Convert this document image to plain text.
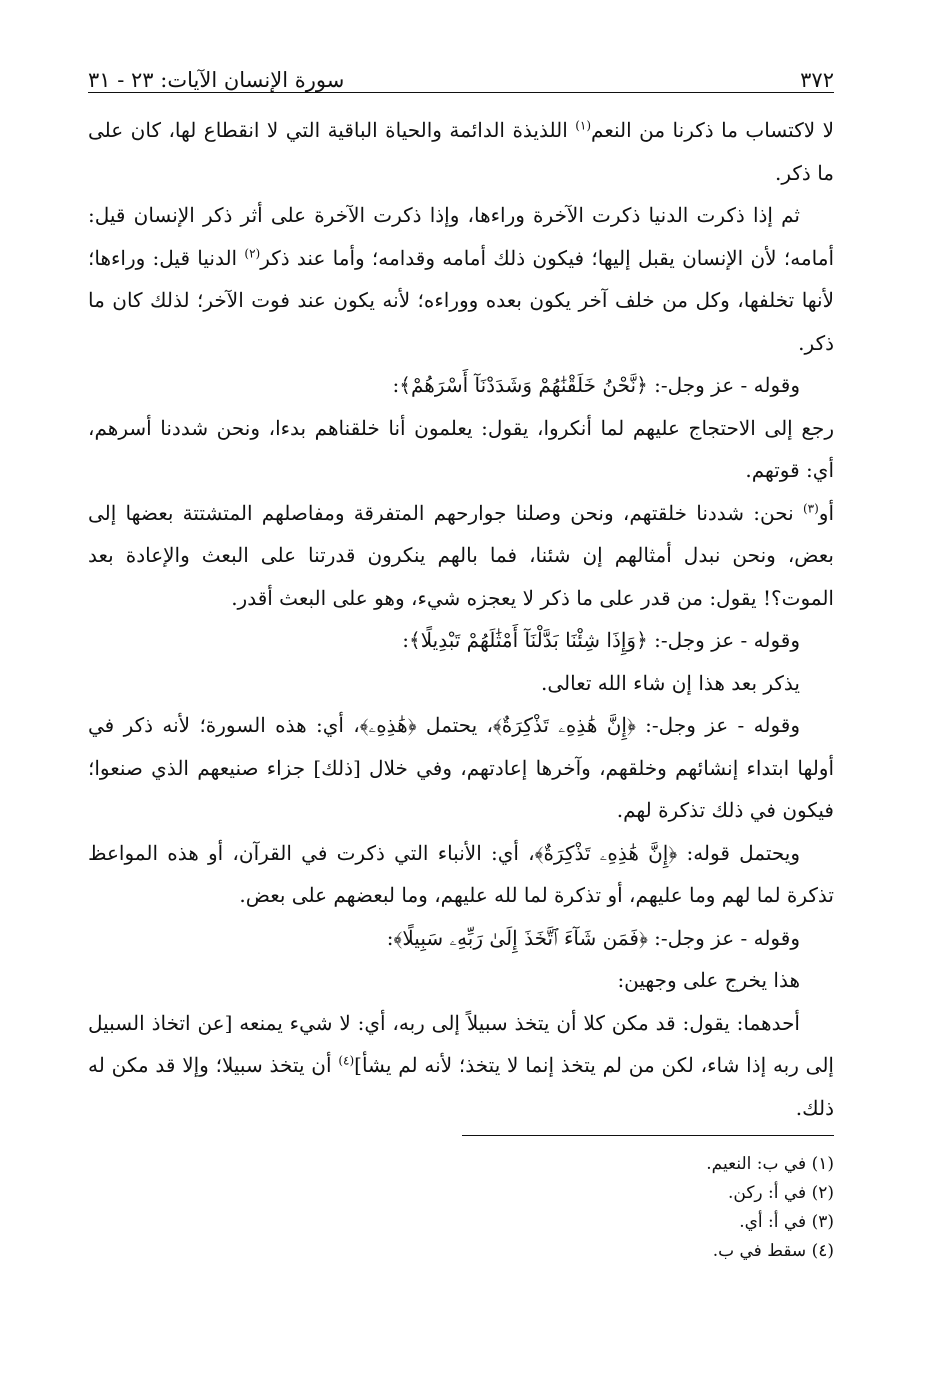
٣٧٢
سورة الإنسان الآيات: ٢٣ - ٣١

لا لاكتساب ما ذكرنا من النعم$^{(١)}$ اللذيذة الدائمة والحياة الباقية التي لا انقطاع لها، كان على ما ذكر.

ثم إذا ذكرت الدنيا ذكرت الآخرة وراءها، وإذا ذكرت الآخرة على أثر ذكر الإنسان قيل: أمامه؛ لأن الإنسان يقبل إليها؛ فيكون ذلك أمامه وقدامه؛ وأما عند ذكر$^{(٢)}$ الدنيا قيل: وراءها؛ لأنها تخلفها، وكل من خلف آخر يكون بعده ووراءه؛ لأنه يكون عند فوت الآخر؛ لذلك كان ما ذكر.

وقوله - عز وجل-: ﴿نَّحْنُ خَلَقْنَٰهُمْ وَشَدَدْنَآ أَسْرَهُمْ﴾:

رجع إلى الاحتجاج عليهم لما أنكروا، يقول: يعلمون أنا خلقناهم بدءا، ونحن شددنا أسرهم، أي: قوتهم.

أو$^{(٣)}$ نحن: شددنا خلقتهم، ونحن وصلنا جوارحهم المتفرقة ومفاصلهم المتشتتة بعضها إلى بعض، ونحن نبدل أمثالهم إن شئنا، فما بالهم ينكرون قدرتنا على البعث والإعادة بعد الموت؟! يقول: من قدر على ما ذكر لا يعجزه شيء، وهو على البعث أقدر.

وقوله - عز وجل-: ﴿وَإِذَا شِئْنَا بَدَّلْنَآ أَمْثَٰلَهُمْ تَبْدِيلًا﴾:

يذكر بعد هذا إن شاء الله تعالى.

وقوله - عز وجل-: ﴿إِنَّ هَٰذِهِۦ تَذْكِرَةٌ﴾، يحتمل ﴿هَٰذِهِۦ﴾، أي: هذه السورة؛ لأنه ذكر في أولها ابتداء إنشائهم وخلقهم، وآخرها إعادتهم، وفي خلال [ذلك] جزاء صنيعهم الذي صنعوا؛ فيكون في ذلك تذكرة لهم.

ويحتمل قوله: ﴿إِنَّ هَٰذِهِۦ تَذْكِرَةٌ﴾، أي: الأنباء التي ذكرت في القرآن، أو هذه المواعظ تذكرة لما لهم وما عليهم، أو تذكرة لما لله عليهم، وما لبعضهم على بعض.

وقوله - عز وجل-: ﴿فَمَن شَآءَ ٱتَّخَذَ إِلَىٰ رَبِّهِۦ سَبِيلًا﴾:

هذا يخرج على وجهين:

أحدهما: يقول: قد مكن كلا أن يتخذ سبيلاً إلى ربه، أي: لا شيء يمنعه [عن اتخاذ السبيل إلى ربه إذا شاء، لكن من لم يتخذ إنما لا يتخذ؛ لأنه لم يشأ]$^{(٤)}$ أن يتخذ سبيلا؛ وإلا قد مكن له ذلك.

(١) في ب: النعيم.
(٢) في أ: ركن.
(٣) في أ: أي.
(٤) سقط في ب.
